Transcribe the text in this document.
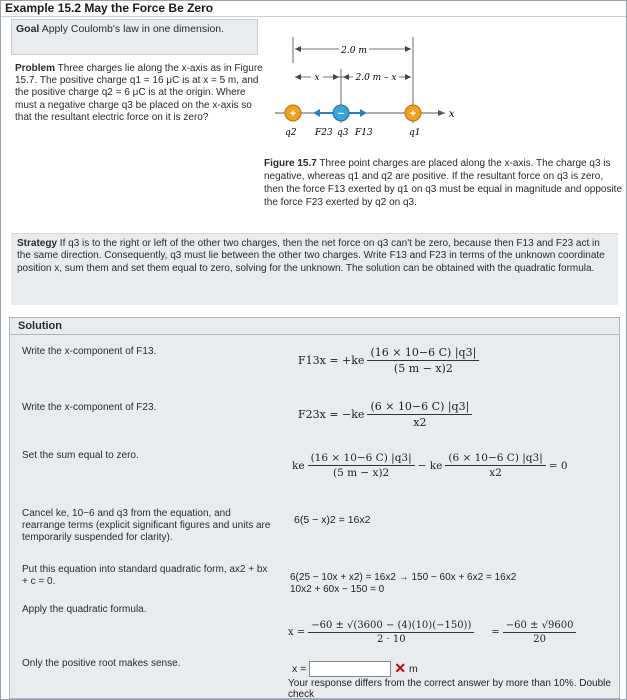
Example 15.2 May the Force Be Zero
Goal Apply Coulomb's law in one dimension.
Problem Three charges lie along the x-axis as in Figure 15.7. The positive charge q1 = 16 μC is at x = 5 m, and the positive charge q2 = 6 μC is at the origin. Where must a negative charge q3 be placed on the x-axis so that the resultant electric force on it is zero?
2.0 m
x	2.0 m – x
x
+	−	+
q2 F23 q3 F13	q1
Figure 15.7 Three point charges are placed along the x-axis. The charge q3 is negative, whereas q1 and q2 are positive. If the resultant force on q3 is zero, then the force F13 exerted by q1 on q3 must be equal in magnitude and opposite the force F23 exerted by q2 on q3.
Strategy If q3 is to the right or left of the other two charges, then the net force on q3 can't be zero, because then F13 and F23 act in the same direction. Consequently, q3 must lie between the other two charges. Write F13 and F23 in terms of the unknown coordinate position x, sum them and set them equal to zero, solving for the unknown. The solution can be obtained with the quadratic formula.
Solution
Write the x-component of F13.
$F13x = +ke \frac{(16 \times 10-6 C) |q3|}{(5 m - x)2}$
Write the x-component of F23.
$F23x = -ke \frac{(6 \times 10-6 C) |q3|}{x2}$
Set the sum equal to zero.
ke $\frac{(16 \times 10-6 C) |q3|}{(5 m - x)2}$ − ke $\frac{(6 \times 10-6 C) |q3|}{x2} = 0$
Cancel ke, 10−6 and q3 from the equation, and rearrange terms (explicit significant figures and units are temporarily suspended for clarity).
6(5 − x)2 = 16x2
Put this equation into standard quadratic form, ax2 + bx + c = 0.	6(25 − 10x + x2) = 16x2 → 150 − 60x + 6x2 = 16x2
10x2 + 60x − 150 = 0
Apply the quadratic formula.
$x = \frac{-60 \pm √(3600 - (4)(10)(-150))}{2 \cdot 10} = \frac{-60 \pm √9600}{20}$
Only the positive root makes sense.	x =	✕ m
Your response differs from the correct answer by more than 10%. Double check
